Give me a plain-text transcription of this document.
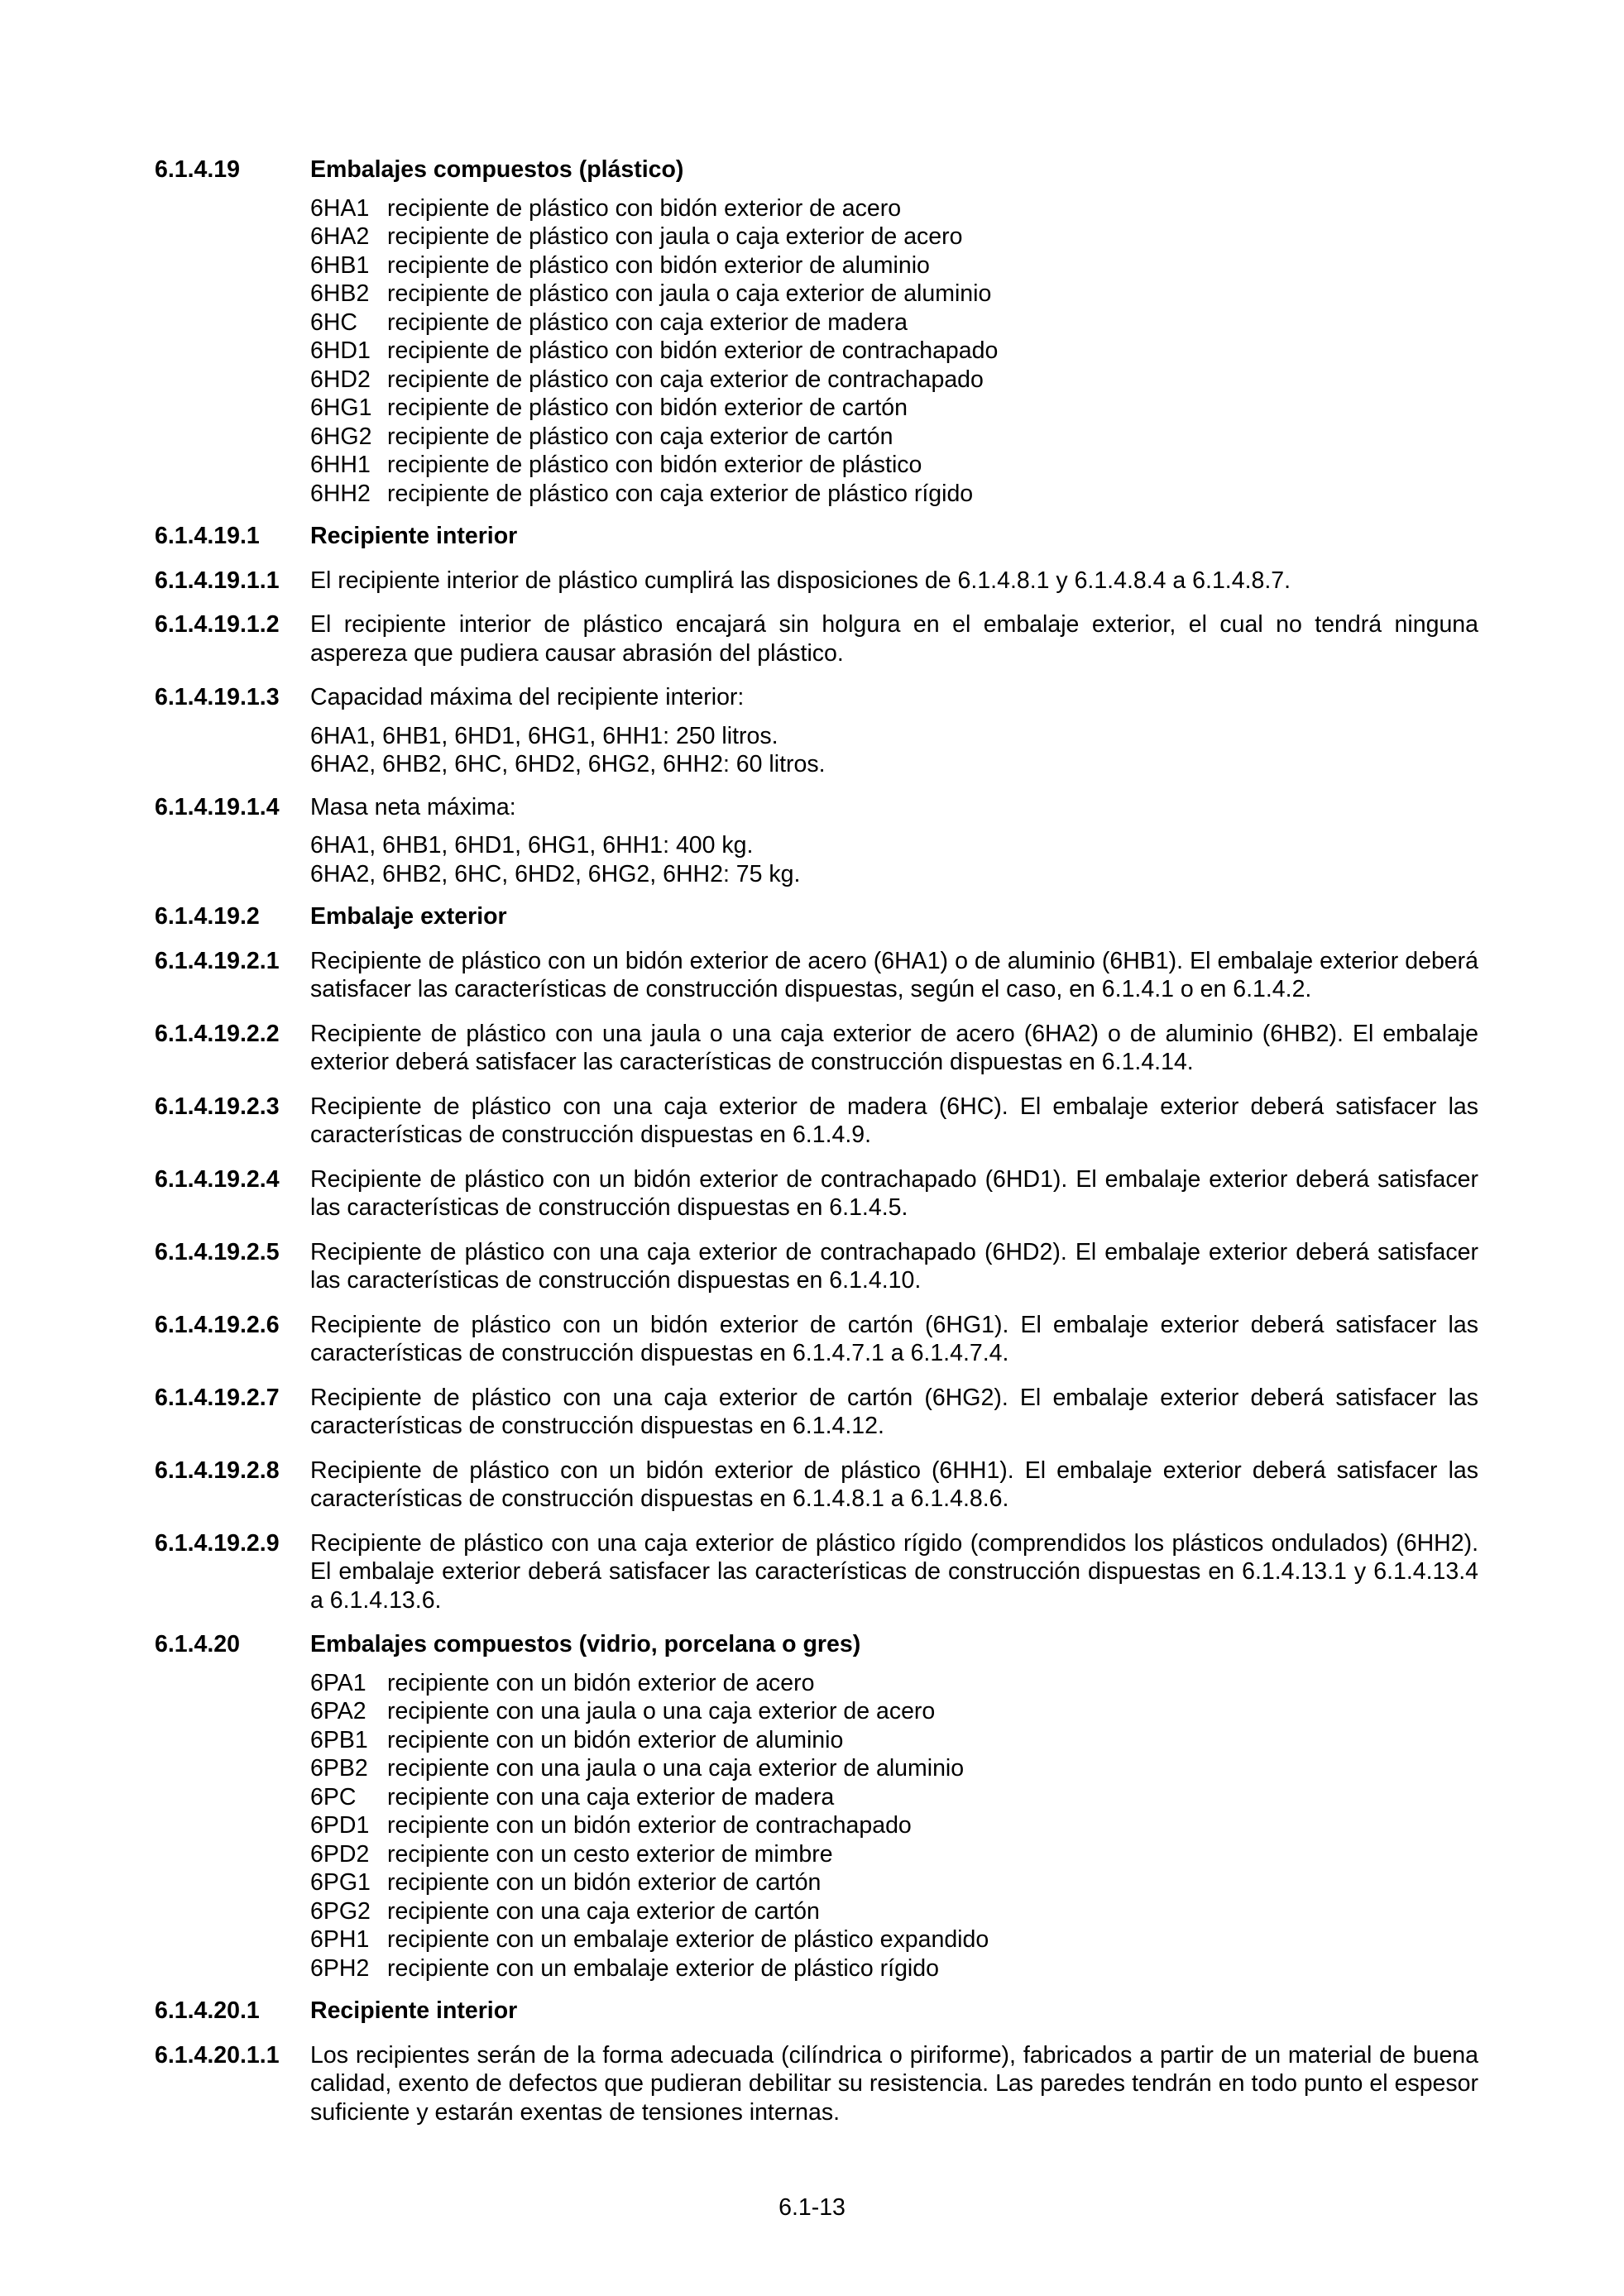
6.1.4.19	Embalajes compuestos (plástico)
6HA1 recipiente de plástico con bidón exterior de acero
6HA2 recipiente de plástico con jaula o caja exterior de acero
6HB1 recipiente de plástico con bidón exterior de aluminio
6HB2 recipiente de plástico con jaula o caja exterior de aluminio
6HC	recipiente de plástico con caja exterior de madera
6HD1 recipiente de plástico con bidón exterior de contrachapado
6HD2 recipiente de plástico con caja exterior de contrachapado
6HG1 recipiente de plástico con bidón exterior de cartón
6HG2 recipiente de plástico con caja exterior de cartón
6HH1 recipiente de plástico con bidón exterior de plástico
6HH2 recipiente de plástico con caja exterior de plástico rígido
6.1.4.19.1	Recipiente interior
6.1.4.19.1.1	El recipiente interior de plástico cumplirá las disposiciones de 6.1.4.8.1 y 6.1.4.8.4 a 6.1.4.8.7.
6.1.4.19.1.2	El recipiente interior de plástico encajará sin holgura en el embalaje exterior, el cual no tendrá ninguna aspereza que pudiera causar abrasión del plástico.
6.1.4.19.1.3	Capacidad máxima del recipiente interior:
6HA1, 6HB1, 6HD1, 6HG1, 6HH1: 250 litros.
6HA2, 6HB2, 6HC, 6HD2, 6HG2, 6HH2: 60 litros.
6.1.4.19.1.4	Masa neta máxima:
6HA1, 6HB1, 6HD1, 6HG1, 6HH1: 400 kg.
6HA2, 6HB2, 6HC, 6HD2, 6HG2, 6HH2: 75 kg.
6.1.4.19.2	Embalaje exterior
6.1.4.19.2.1	Recipiente de plástico con un bidón exterior de acero (6HA1) o de aluminio (6HB1). El embalaje exterior deberá satisfacer las características de construcción dispuestas, según el caso, en 6.1.4.1 o en 6.1.4.2.
6.1.4.19.2.2	Recipiente de plástico con una jaula o una caja exterior de acero (6HA2) o de aluminio (6HB2). El embalaje exterior deberá satisfacer las características de construcción dispuestas en 6.1.4.14.
6.1.4.19.2.3	Recipiente de plástico con una caja exterior de madera (6HC). El embalaje exterior deberá satisfacer las características de construcción dispuestas en 6.1.4.9.
6.1.4.19.2.4	Recipiente de plástico con un bidón exterior de contrachapado (6HD1). El embalaje exterior deberá satisfacer las características de construcción dispuestas en 6.1.4.5.
6.1.4.19.2.5	Recipiente de plástico con una caja exterior de contrachapado (6HD2). El embalaje exterior deberá satisfacer las características de construcción dispuestas en 6.1.4.10.
6.1.4.19.2.6	Recipiente de plástico con un bidón exterior de cartón (6HG1). El embalaje exterior deberá satisfacer las características de construcción dispuestas en 6.1.4.7.1 a 6.1.4.7.4.
6.1.4.19.2.7	Recipiente de plástico con una caja exterior de cartón (6HG2). El embalaje exterior deberá satisfacer las características de construcción dispuestas en 6.1.4.12.
6.1.4.19.2.8	Recipiente de plástico con un bidón exterior de plástico (6HH1). El embalaje exterior deberá satisfacer las características de construcción dispuestas en 6.1.4.8.1 a 6.1.4.8.6.
6.1.4.19.2.9	Recipiente de plástico con una caja exterior de plástico rígido (comprendidos los plásticos ondulados) (6HH2). El embalaje exterior deberá satisfacer las características de construcción dispuestas en 6.1.4.13.1 y 6.1.4.13.4 a 6.1.4.13.6.
6.1.4.20	Embalajes compuestos (vidrio, porcelana o gres)
6PA1 recipiente con un bidón exterior de acero
6PA2 recipiente con una jaula o una caja exterior de acero
6PB1 recipiente con un bidón exterior de aluminio
6PB2 recipiente con una jaula o una caja exterior de aluminio
6PC	recipiente con una caja exterior de madera
6PD1 recipiente con un bidón exterior de contrachapado
6PD2 recipiente con un cesto exterior de mimbre
6PG1 recipiente con un bidón exterior de cartón
6PG2 recipiente con una caja exterior de cartón
6PH1 recipiente con un embalaje exterior de plástico expandido
6PH2 recipiente con un embalaje exterior de plástico rígido
6.1.4.20.1	Recipiente interior
6.1.4.20.1.1	Los recipientes serán de la forma adecuada (cilíndrica o piriforme), fabricados a partir de un material de buena calidad, exento de defectos que pudieran debilitar su resistencia. Las paredes tendrán en todo punto el espesor suficiente y estarán exentas de tensiones internas.
6.1-13
